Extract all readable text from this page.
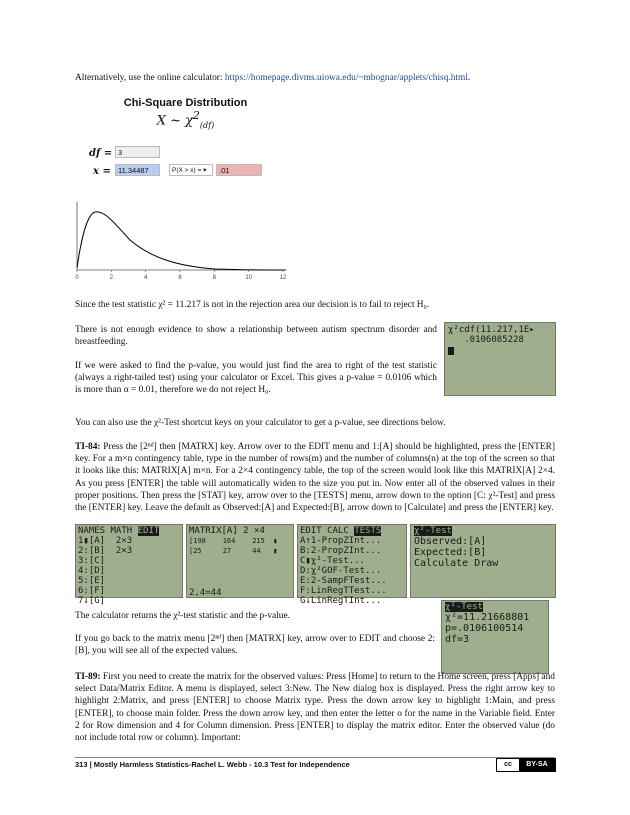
Alternatively, use the online calculator: https://homepage.divms.uiowa.edu/~mbognar/applets/chisq.html.

Chi-Square Distribution
X ~ $\chi^2_{(df)}$
df = 3
x = 11.34487	P(X > x) = ▾	.01
0	2	4	6	8	10	12

Since the test statistic χ² = 11.217 is not in the rejection area our decision is to fail to reject H₀.

There is not enough evidence to show a relationship between autism spectrum disorder and breastfeeding.

If we were asked to find the p-value, you would just find the area to right of the test statistic (always a right-tailed test) using your calculator or Excel. This gives a p-value = 0.0106 which is more than α = 0.01, therefore we do not reject H₀.

χ²cdf(11.217,1E▸
.0106085228

You can also use the χ²-Test shortcut keys on your calculator to get a p-value, see directions below.

TI-84: Press the [2ⁿᵈ] then [MATRX] key. Arrow over to the EDIT menu and 1:[A] should be highlighted, press the [ENTER] key. For a m×n contingency table, type in the number of rows(m) and the number of columns(n) at the top of the screen so that it looks like this: MATRIX[A] m×n. For a 2×4 contingency table, the top of the screen would look like this MATRIX[A] 2×4. As you press [ENTER] the table will automatically widen to the size you put in. Now enter all of the observed values in their proper positions. Then press the [STAT] key, arrow over to the [TESTS] menu, arrow down to the option [C: χ²-Test] and press the [ENTER] key. Leave the default as Observed:[A] and Expected:[B], arrow down to [Calculate] and press the [ENTER] key.

NAMES MATH EDIT
1▮[A]  2×3
2:[B]  2×3
3:[C]
4:[D]
5:[E]
6:[F]
7↓[G]
MATRIX[A] 2 ×4
[198    164    215  ▮
[25     27     44   ▮
2,4=44
EDIT CALC TESTS
A↑1-PropZInt...
B:2-PropZInt...
C▮χ²-Test...
D:χ²GOF-Test...
E:2-SampFTest...
F:LinRegTTest...
G↓LinRegTInt...
χ²-Test
Observed:[A]
Expected:[B]
Calculate Draw

The calculator returns the χ²-test statistic and the p-value.

If you go back to the matrix menu [2ⁿᵈ] then [MATRX] key, arrow over to EDIT and choose 2:[B], you will see all of the expected values.

χ²-Test
χ²=11.21668801
p=.0106100514
df=3

TI-89: First you need to create the matrix for the observed values: Press [Home] to return to the Home screen, press [Apps] and select Data/Matrix Editor. A menu is displayed, select 3:New. The New dialog box is displayed. Press the right arrow key to highlight 2:Matrix, and press [ENTER] to choose Matrix type. Press the down arrow key to highlight 1:Main, and press [ENTER], to choose main folder. Press the down arrow key, and then enter the letter o for the name in the Variable field. Enter 2 for Row dimension and 4 for Column dimension. Press [ENTER] to display the matrix editor. Enter the observed value (do not include total row or column). Important:

313 | Mostly Harmless Statistics-Rachel L. Webb - 10.3 Test for Independence	cc	BY-SA
